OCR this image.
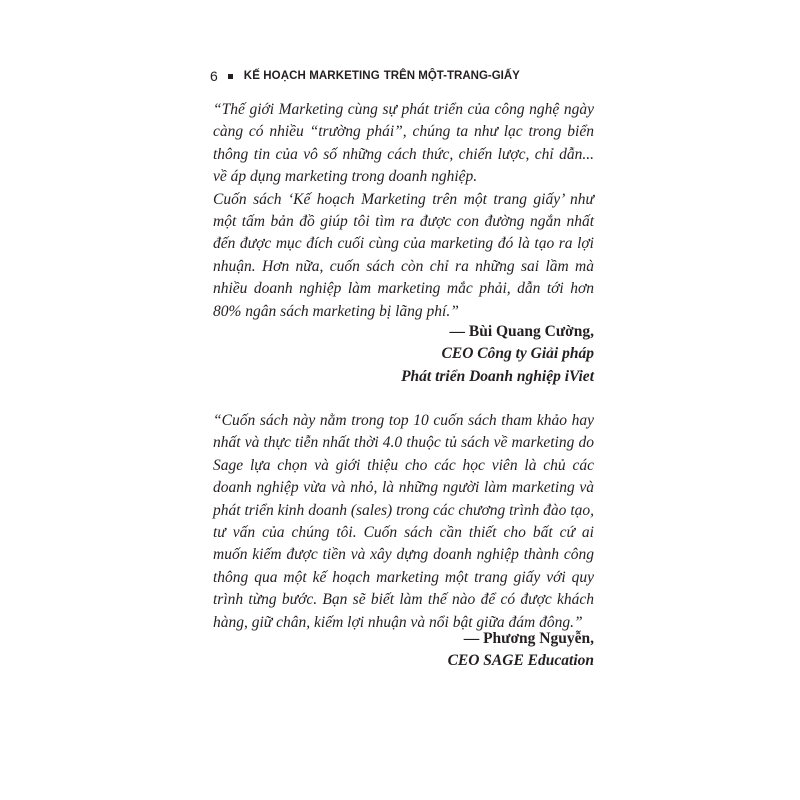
6 KẾ HOẠCH MARKETING TRÊN MỘT-TRANG-GIẤY

“Thế giới Marketing cùng sự phát triển của công nghệ ngày càng có nhiều “trường phái”, chúng ta như lạc trong biển thông tin của vô số những cách thức, chiến lược, chỉ dẫn... về áp dụng marketing trong doanh nghiệp.

Cuốn sách ‘Kế hoạch Marketing trên một trang giấy’ như một tấm bản đồ giúp tôi tìm ra được con đường ngắn nhất đến được mục đích cuối cùng của marketing đó là tạo ra lợi nhuận. Hơn nữa, cuốn sách còn chỉ ra những sai lầm mà nhiều doanh nghiệp làm marketing mắc phải, dẫn tới hơn 80% ngân sách marketing bị lãng phí.”

— Bùi Quang Cường,
CEO Công ty Giải pháp
Phát triển Doanh nghiệp iViet

“Cuốn sách này nằm trong top 10 cuốn sách tham khảo hay nhất và thực tiễn nhất thời 4.0 thuộc tủ sách về marketing do Sage lựa chọn và giới thiệu cho các học viên là chủ các doanh nghiệp vừa và nhỏ, là những người làm marketing và phát triển kinh doanh (sales) trong các chương trình đào tạo, tư vấn của chúng tôi. Cuốn sách cần thiết cho bất cứ ai muốn kiếm được tiền và xây dựng doanh nghiệp thành công thông qua một kế hoạch marketing một trang giấy với quy trình từng bước. Bạn sẽ biết làm thế nào để có được khách hàng, giữ chân, kiếm lợi nhuận và nổi bật giữa đám đông.”

— Phương Nguyễn,
CEO SAGE Education
